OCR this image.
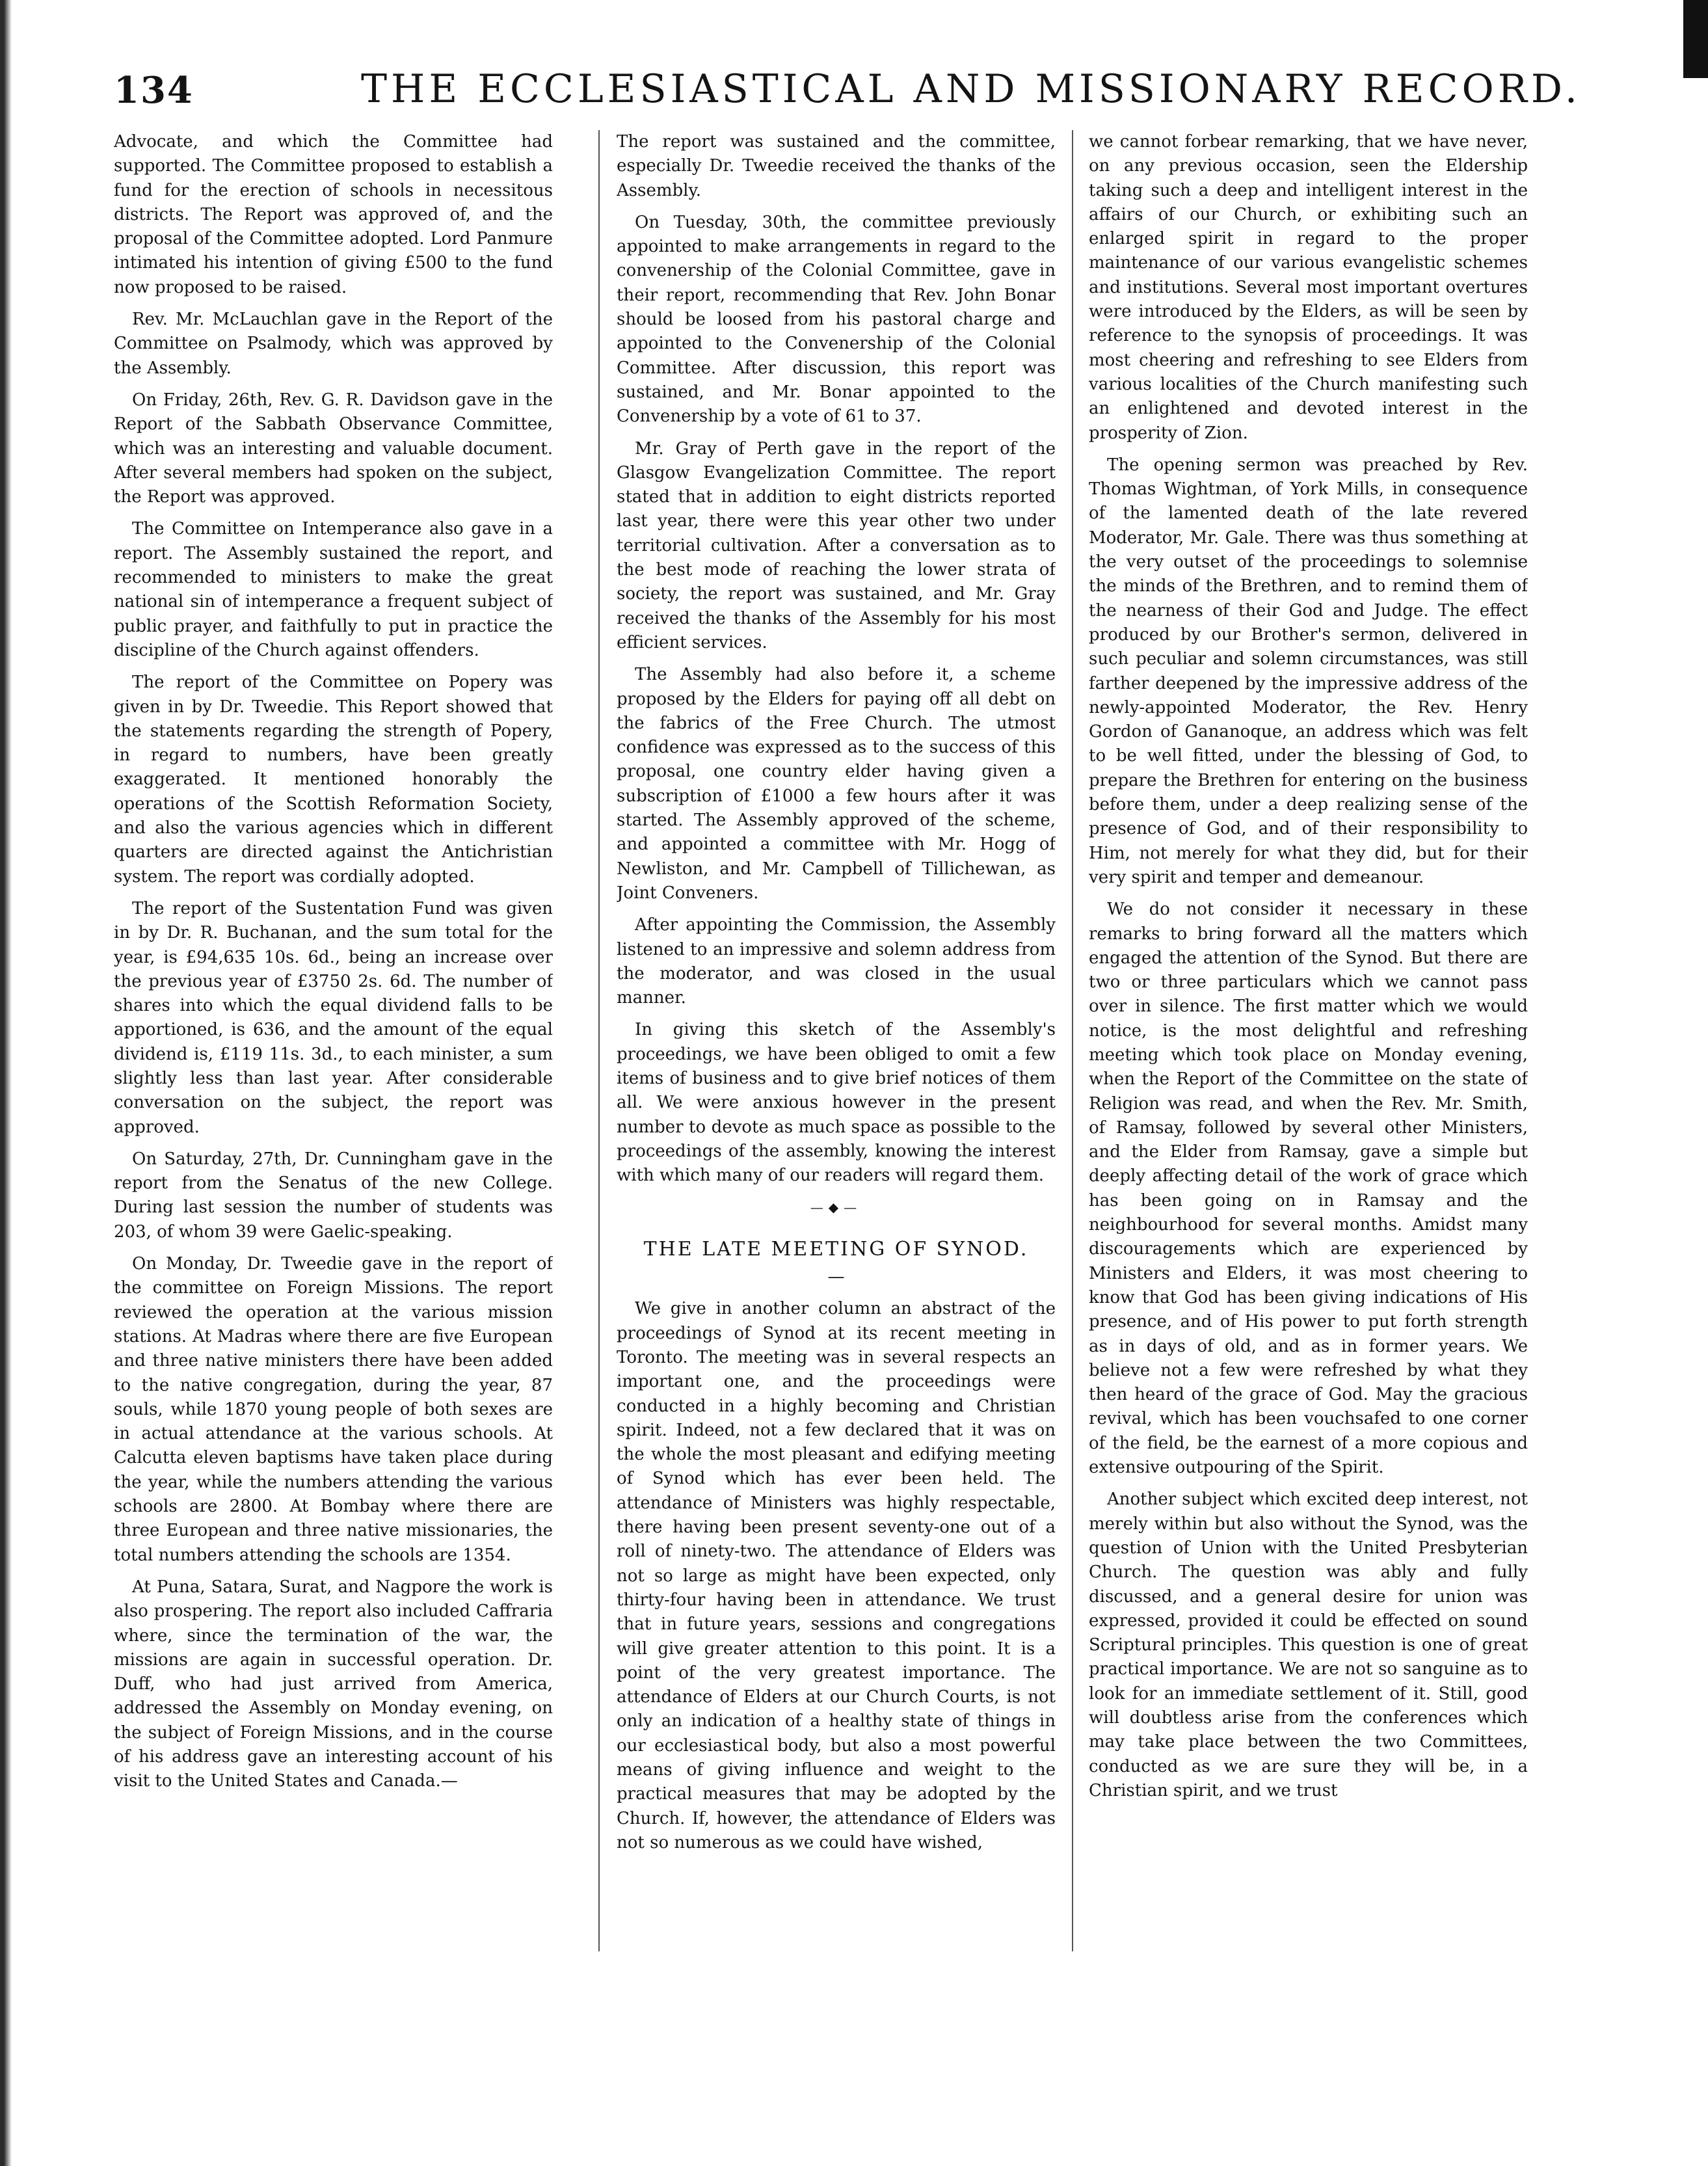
134	THE ECCLESIASTICAL AND MISSIONARY RECORD.

Advocate, and which the Committee had supported. The Committee proposed to establish a fund for the erection of schools in necessitous districts. The Report was approved of, and the proposal of the Committee adopted. Lord Panmure intimated his intention of giving £500 to the fund now proposed to be raised.

Rev. Mr. McLauchlan gave in the Report of the Committee on Psalmody, which was approved by the Assembly.

On Friday, 26th, Rev. G. R. Davidson gave in the Report of the Sabbath Observance Committee, which was an interesting and valuable document. After several members had spoken on the subject, the Report was approved.

The Committee on Intemperance also gave in a report. The Assembly sustained the report, and recommended to ministers to make the great national sin of intemperance a frequent subject of public prayer, and faithfully to put in practice the discipline of the Church against offenders.

The report of the Committee on Popery was given in by Dr. Tweedie. This Report showed that the statements regarding the strength of Popery, in regard to numbers, have been greatly exaggerated. It mentioned honorably the operations of the Scottish Reformation Society, and also the various agencies which in different quarters are directed against the Antichristian system. The report was cordially adopted.

The report of the Sustentation Fund was given in by Dr. R. Buchanan, and the sum total for the year, is £94,635 10s. 6d., being an increase over the previous year of £3750 2s. 6d. The number of shares into which the equal dividend falls to be apportioned, is 636, and the amount of the equal dividend is, £119 11s. 3d., to each minister, a sum slightly less than last year. After considerable conversation on the subject, the report was approved.

On Saturday, 27th, Dr. Cunningham gave in the report from the Senatus of the new College. During last session the number of students was 203, of whom 39 were Gaelic-speaking.

On Monday, Dr. Tweedie gave in the report of the committee on Foreign Missions. The report reviewed the operation at the various mission stations. At Madras where there are five European and three native ministers there have been added to the native congregation, during the year, 87 souls, while 1870 young people of both sexes are in actual attendance at the various schools. At Calcutta eleven baptisms have taken place during the year, while the numbers attending the various schools are 2800. At Bombay where there are three European and three native missionaries, the total numbers attending the schools are 1354.

At Puna, Satara, Surat, and Nagpore the work is also prospering. The report also included Caffraria where, since the termination of the war, the missions are again in successful operation. Dr. Duff, who had just arrived from America, addressed the Assembly on Monday evening, on the subject of Foreign Missions, and in the course of his address gave an interesting account of his visit to the United States and Canada.—

The report was sustained and the committee, especially Dr. Tweedie received the thanks of the Assembly.

On Tuesday, 30th, the committee previously appointed to make arrangements in regard to the convenership of the Colonial Committee, gave in their report, recommending that Rev. John Bonar should be loosed from his pastoral charge and appointed to the Convenership of the Colonial Committee. After discussion, this report was sustained, and Mr. Bonar appointed to the Convenership by a vote of 61 to 37.

Mr. Gray of Perth gave in the report of the Glasgow Evangelization Committee. The report stated that in addition to eight districts reported last year, there were this year other two under territorial cultivation. After a conversation as to the best mode of reaching the lower strata of society, the report was sustained, and Mr. Gray received the thanks of the Assembly for his most efficient services.

The Assembly had also before it, a scheme proposed by the Elders for paying off all debt on the fabrics of the Free Church. The utmost confidence was expressed as to the success of this proposal, one country elder having given a subscription of £1000 a few hours after it was started. The Assembly approved of the scheme, and appointed a committee with Mr. Hogg of Newliston, and Mr. Campbell of Tillichewan, as Joint Conveners.

After appointing the Commission, the Assembly listened to an impressive and solemn address from the moderator, and was closed in the usual manner.

In giving this sketch of the Assembly's proceedings, we have been obliged to omit a few items of business and to give brief notices of them all. We were anxious however in the present number to devote as much space as possible to the proceedings of the assembly, knowing the interest with which many of our readers will regard them.

—◆—
THE LATE MEETING OF SYNOD.
—

We give in another column an abstract of the proceedings of Synod at its recent meeting in Toronto. The meeting was in several respects an important one, and the proceedings were conducted in a highly becoming and Christian spirit. Indeed, not a few declared that it was on the whole the most pleasant and edifying meeting of Synod which has ever been held. The attendance of Ministers was highly respectable, there having been present seventy-one out of a roll of ninety-two. The attendance of Elders was not so large as might have been expected, only thirty-four having been in attendance. We trust that in future years, sessions and congregations will give greater attention to this point. It is a point of the very greatest importance. The attendance of Elders at our Church Courts, is not only an indication of a healthy state of things in our ecclesiastical body, but also a most powerful means of giving influence and weight to the practical measures that may be adopted by the Church. If, however, the attendance of Elders was not so numerous as we could have wished,

we cannot forbear remarking, that we have never, on any previous occasion, seen the Eldership taking such a deep and intelligent interest in the affairs of our Church, or exhibiting such an enlarged spirit in regard to the proper maintenance of our various evangelistic schemes and institutions. Several most important overtures were introduced by the Elders, as will be seen by reference to the synopsis of proceedings. It was most cheering and refreshing to see Elders from various localities of the Church manifesting such an enlightened and devoted interest in the prosperity of Zion.

The opening sermon was preached by Rev. Thomas Wightman, of York Mills, in consequence of the lamented death of the late revered Moderator, Mr. Gale. There was thus something at the very outset of the proceedings to solemnise the minds of the Brethren, and to remind them of the nearness of their God and Judge. The effect produced by our Brother's sermon, delivered in such peculiar and solemn circumstances, was still farther deepened by the impressive address of the newly-appointed Moderator, the Rev. Henry Gordon of Gananoque, an address which was felt to be well fitted, under the blessing of God, to prepare the Brethren for entering on the business before them, under a deep realizing sense of the presence of God, and of their responsibility to Him, not merely for what they did, but for their very spirit and temper and demeanour.

We do not consider it necessary in these remarks to bring forward all the matters which engaged the attention of the Synod. But there are two or three particulars which we cannot pass over in silence. The first matter which we would notice, is the most delightful and refreshing meeting which took place on Monday evening, when the Report of the Committee on the state of Religion was read, and when the Rev. Mr. Smith, of Ramsay, followed by several other Ministers, and the Elder from Ramsay, gave a simple but deeply affecting detail of the work of grace which has been going on in Ramsay and the neighbourhood for several months. Amidst many discouragements which are experienced by Ministers and Elders, it was most cheering to know that God has been giving indications of His presence, and of His power to put forth strength as in days of old, and as in former years. We believe not a few were refreshed by what they then heard of the grace of God. May the gracious revival, which has been vouchsafed to one corner of the field, be the earnest of a more copious and extensive outpouring of the Spirit.

Another subject which excited deep interest, not merely within but also without the Synod, was the question of Union with the United Presbyterian Church. The question was ably and fully discussed, and a general desire for union was expressed, provided it could be effected on sound Scriptural principles. This question is one of great practical importance. We are not so sanguine as to look for an immediate settlement of it. Still, good will doubtless arise from the conferences which may take place between the two Committees, conducted as we are sure they will be, in a Christian spirit, and we trust
